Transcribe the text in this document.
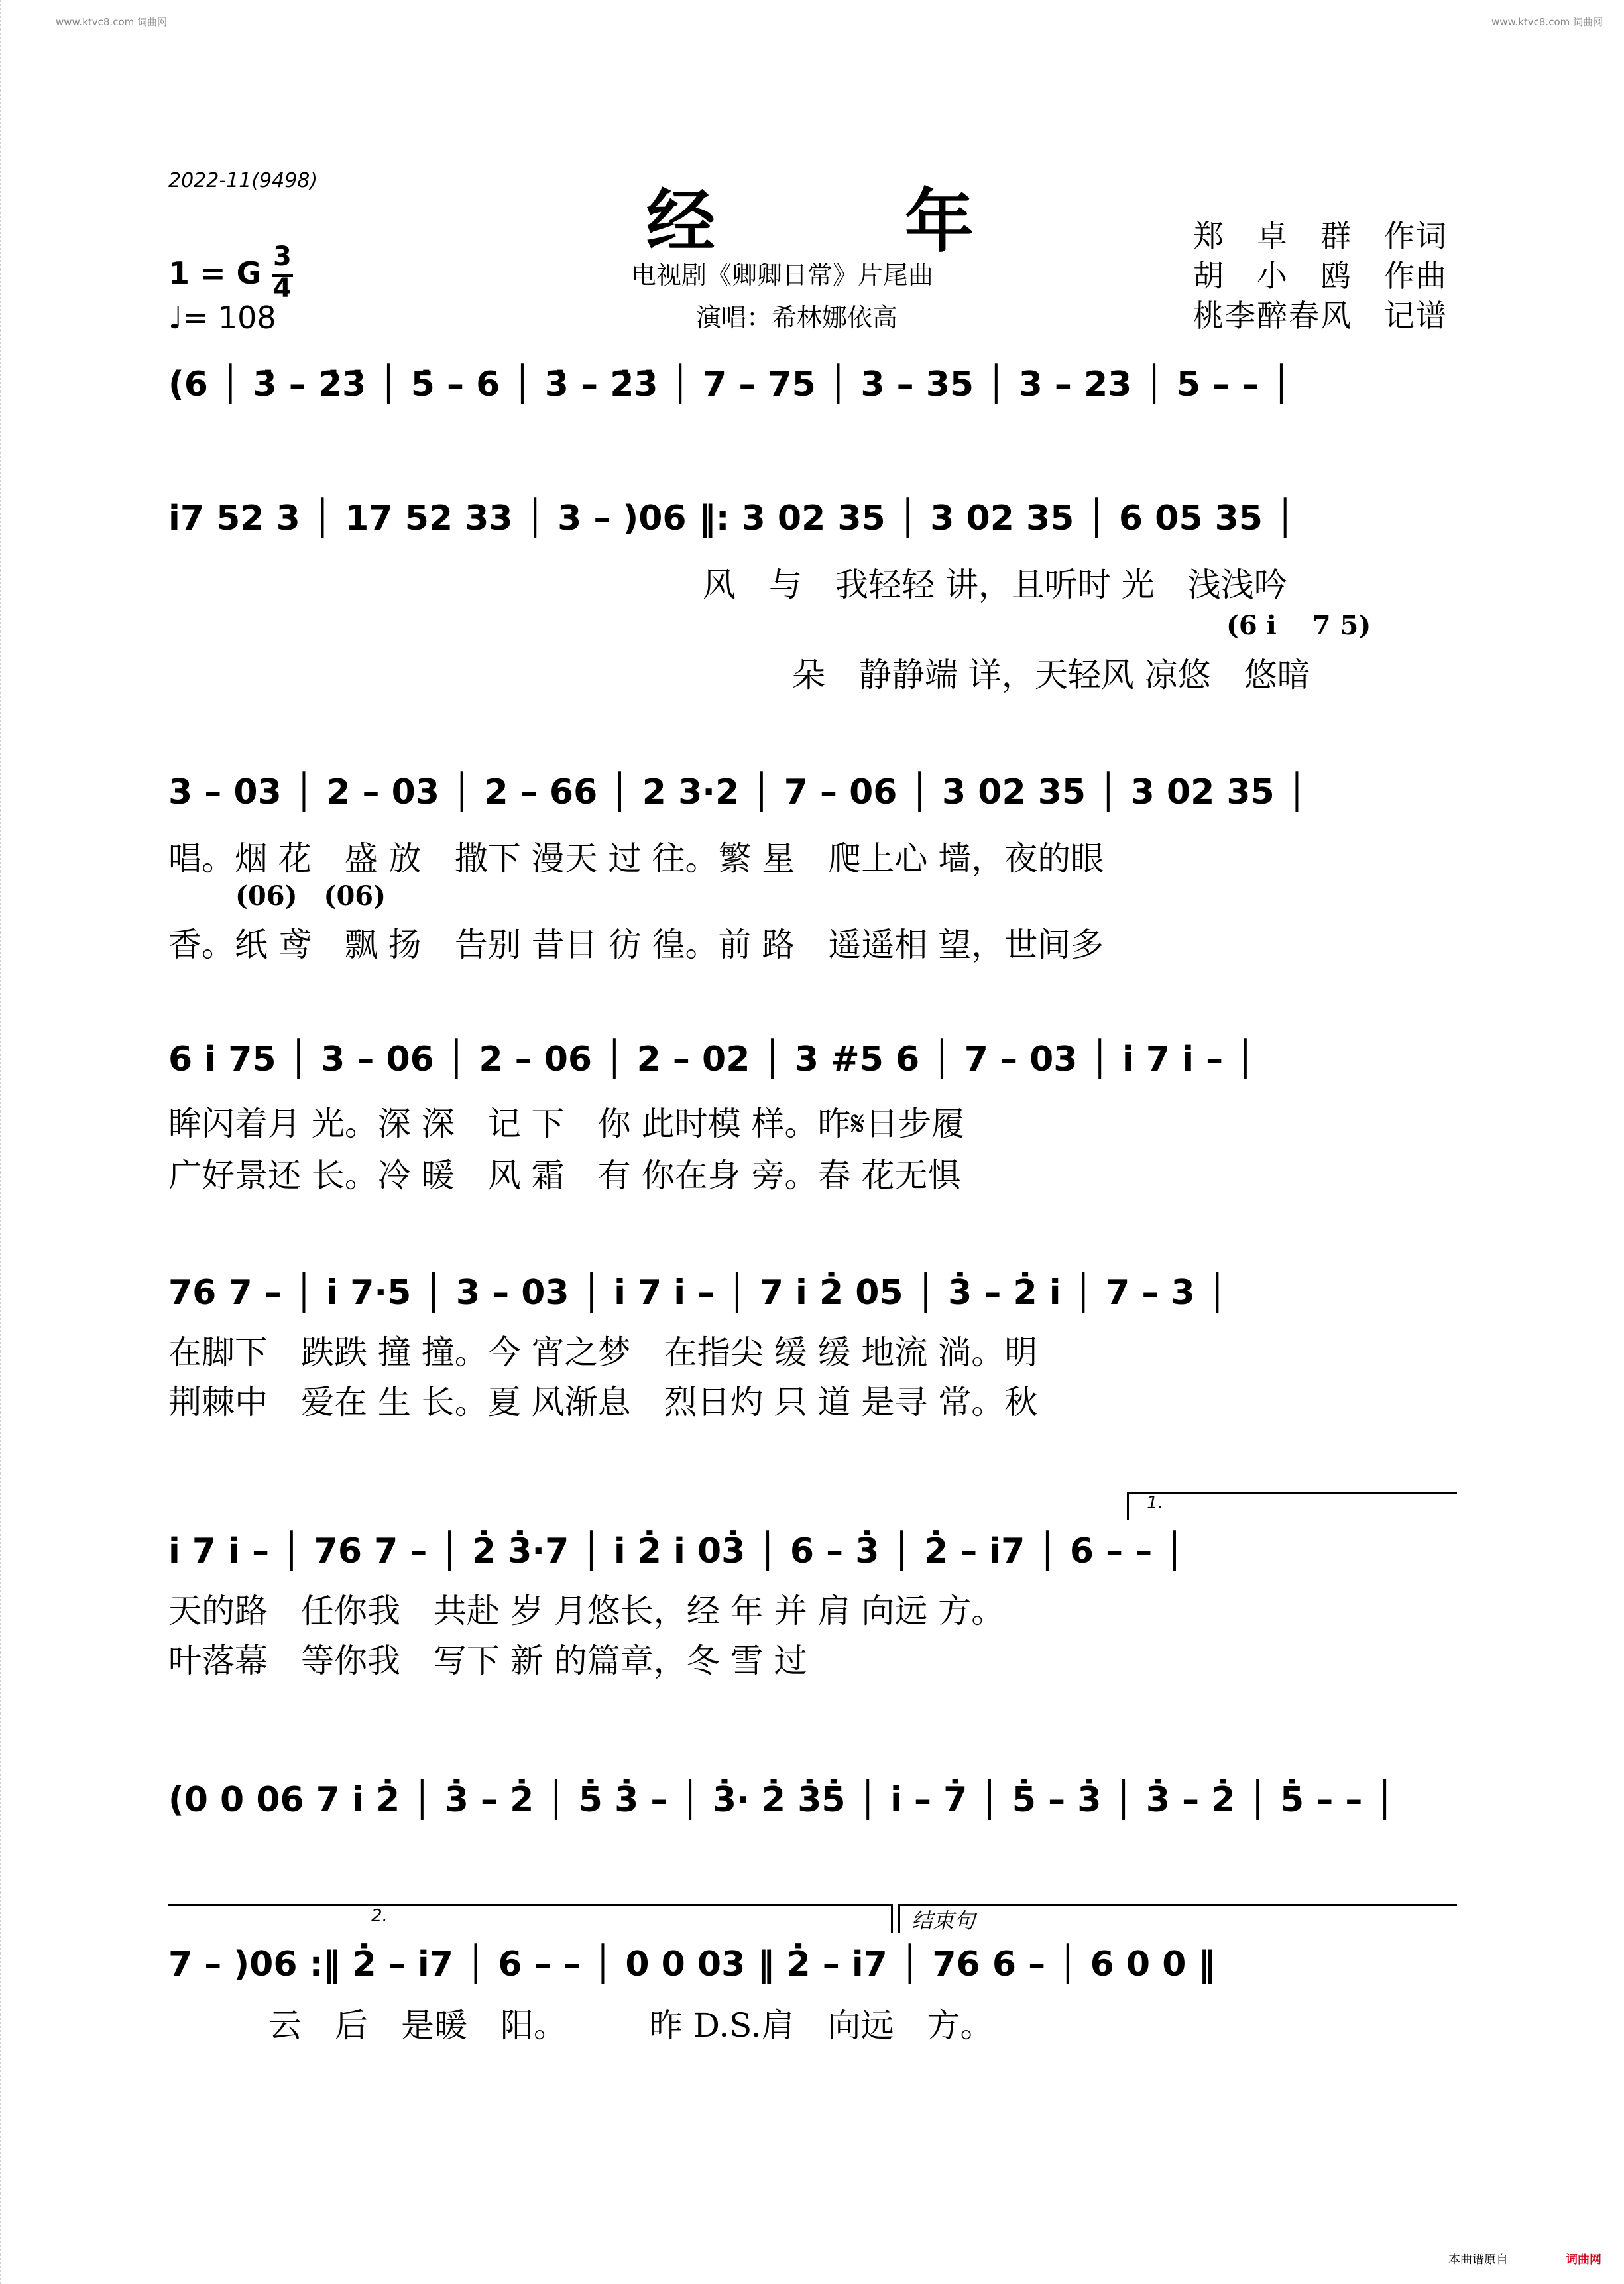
www.ktvc8.com 词曲网	www.ktvc8.com 词曲网
2022-11(9498)	经	年
电视剧《卿卿日常》片尾曲
演唱：希林娜依高
郑　卓　群　作词
胡　小　鸥　作曲
桃李醉春风　记谱
1 = G 3
4
♩= 108
(6 │ 3̇ – 2̇3̇ │ 5̇ – 6 │ 3̇ – 2̇3̇ │ 7 – 75 │ 3 – 35 │ 3 – 23 │ 5 – – │
i̇7 52 3 │ 17 52 33 │ 3 – )06 ‖: 3 02 35 │ 3 02 35 │ 6 05 35 │
风　与　我轻轻 讲，且听时 光　浅浅吟
(6 i　 7 5)
朵　静静端 详，天轻风 凉悠　悠暗
3 – 03 │ 2 – 03 │ 2 – 66 │ 2 3·2 │ 7 – 06 │ 3 02 35 │ 3 02 35 │
唱。烟 花　盛 放　撒下 漫天 过 往。繁 星　爬上心 墙，夜的眼
(06)　(06)
香。纸 鸢　飘 扬　告别 昔日 彷 徨。前 路　遥遥相 望，世间多
6 i̇ 75 │ 3 – 06 │ 2 – 06 │ 2 – 02 │ 3 #5 6 │ 7 – 03 │ i̇ 7 i̇ – │
眸闪着月 光。深 深　记 下　你 此时模 样。昨𝄋日步履
广好景还 长。冷 暖　风 霜　有 你在身 旁。春 花无惧
76 7 – │ i̇ 7·5 │ 3 – 03 │ i̇ 7 i̇ – │ 7 i̇ 2̇ 05 │ 3̇ – 2̇ i̇ │ 7 – 3 │
在脚下　跌跌 撞 撞。今 宵之梦　在指尖 缓 缓 地流 淌。明
荆棘中　爱在 生 长。夏 风渐息　烈日灼 只 道 是寻 常。秋
1.
i̇ 7 i̇ – │ 76 7 – │ 2̇ 3̇·7 │ i̇ 2̇ i̇ 03̇ │ 6 – 3̇ │ 2̇ – i̇7 │ 6 – – │
天的路　任你我　共赴 岁 月悠长，经 年 并 肩 向远 方。
叶落幕　等你我　写下 新 的篇章，冬 雪 过
(0 0 06 7 i̇ 2̇ │ 3̇ – 2̇ │ 5̇ 3̇ – │ 3̇· 2̇ 3̇5̇ │ i̇ – 7̇ │ 5̇ – 3̇ │ 3̇ – 2̇ │ 5̇ – – │
2.	结束句
7 – )06 :‖ 2̇ – i̇7 │ 6 – – │ 0 0 03 ‖ 2̇ – i̇7 │ 76 6 – │ 6 0 0 ‖
云　后　是暖　阳。　　　昨 D.S.肩　向远　方。
本曲谱原自	词曲网
